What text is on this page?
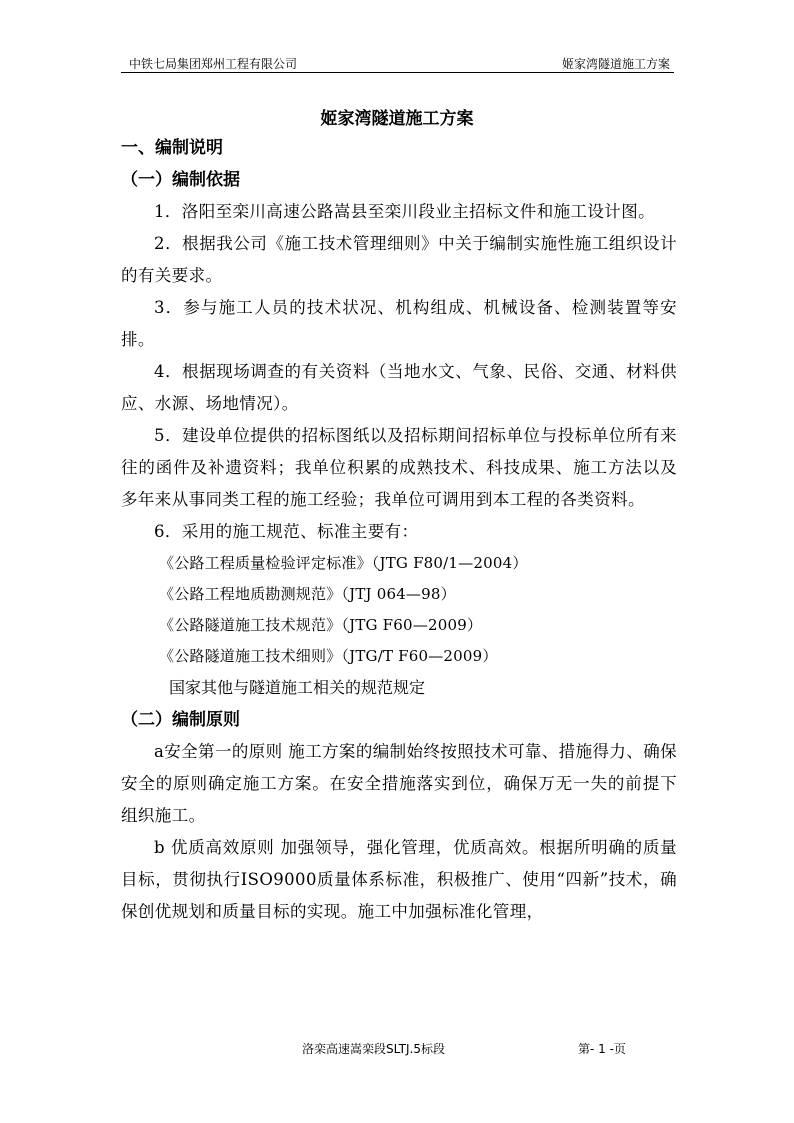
中铁七局集团郑州工程有限公司	姬家湾隧道施工方案
姬家湾隧道施工方案

一、编制说明

（一）编制依据

1．洛阳至栾川高速公路嵩县至栾川段业主招标文件和施工设计图。

2．根据我公司《施工技术管理细则》中关于编制实施性施工组织设计的有关要求。

3．参与施工人员的技术状况、机构组成、机械设备、检测装置等安排。

4．根据现场调查的有关资料（当地水文、气象、民俗、交通、材料供应、水源、场地情况）。

5．建设单位提供的招标图纸以及招标期间招标单位与投标单位所有来往的函件及补遗资料；我单位积累的成熟技术、科技成果、施工方法以及多年来从事同类工程的施工经验；我单位可调用到本工程的各类资料。

6．采用的施工规范、标准主要有：

《公路工程质量检验评定标准》（JTG F80/1—2004）

《公路工程地质勘测规范》（JTJ 064—98）

《公路隧道施工技术规范》（JTG F60—2009）

《公路隧道施工技术细则》（JTG/T F60—2009）

国家其他与隧道施工相关的规范规定

（二）编制原则

a安全第一的原则 施工方案的编制始终按照技术可靠、措施得力、确保安全的原则确定施工方案。在安全措施落实到位，确保万无一失的前提下组织施工。

b 优质高效原则 加强领导，强化管理，优质高效。根据所明确的质量目标，贯彻执行ISO9000质量体系标准，积极推广、使用“四新”技术，确保创优规划和质量目标的实现。施工中加强标准化管理，

洛栾高速嵩栾段SLTJ.5标段	第- 1 -页
